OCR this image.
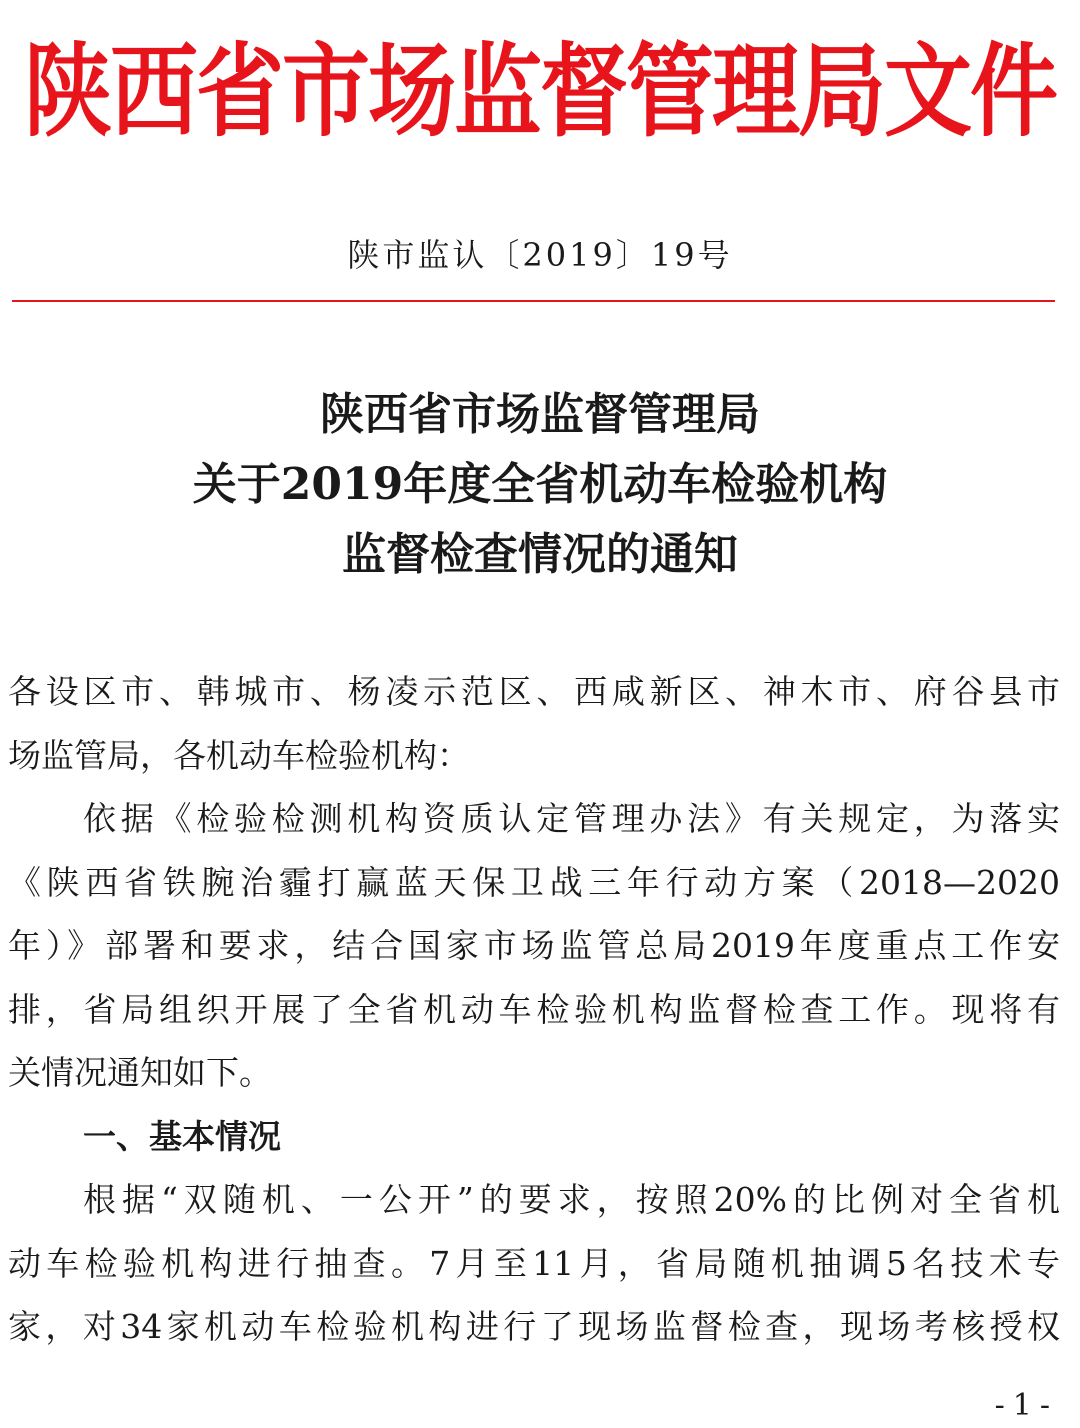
陕西省市场监督管理局文件
陕市监认〔2019〕19号
陕西省市场监督管理局
关于2019年度全省机动车检验机构
监督检查情况的通知
各设区市、韩城市、杨凌示范区、西咸新区、神木市、府谷县市
场监管局，各机动车检验机构：
依据《检验检测机构资质认定管理办法》有关规定，为落实
《陕西省铁腕治霾打赢蓝天保卫战三年行动方案（2018—2020
年）》部署和要求，结合国家市场监管总局2019年度重点工作安
排，省局组织开展了全省机动车检验机构监督检查工作。现将有
关情况通知如下。
一、基本情况
根据“双随机、一公开”的要求，按照20%的比例对全省机
动车检验机构进行抽查。7月至11月，省局随机抽调5名技术专
家，对34家机动车检验机构进行了现场监督检查，现场考核授权
-1-
